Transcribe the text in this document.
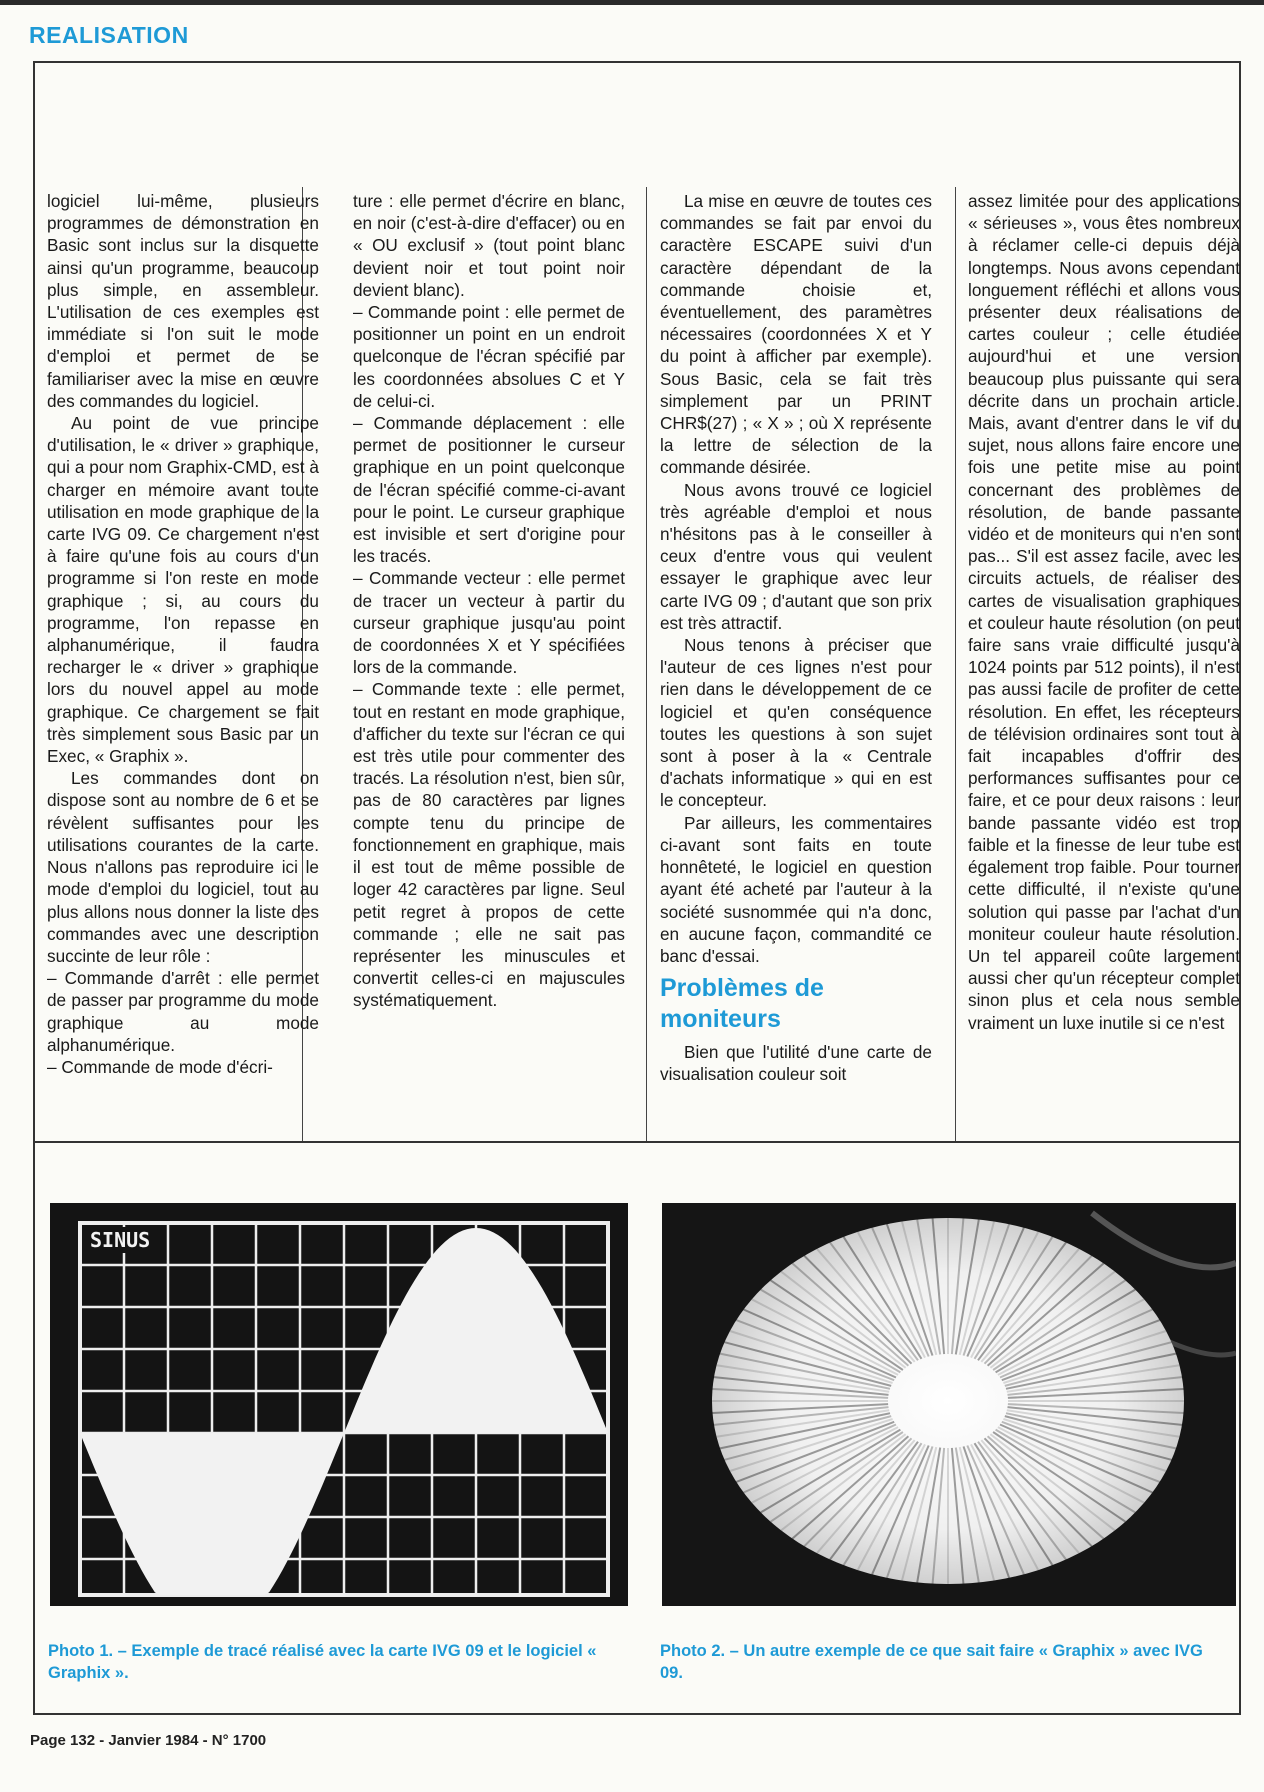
REALISATION

logiciel lui-même, plusieurs programmes de démonstration en Basic sont inclus sur la disquette ainsi qu'un programme, beaucoup plus simple, en assembleur. L'utilisation de ces exemples est immédiate si l'on suit le mode d'emploi et permet de se familiariser avec la mise en œuvre des commandes du logiciel.

Au point de vue principe d'utilisation, le « driver » graphique, qui a pour nom Graphix-CMD, est à charger en mémoire avant toute utilisation en mode graphique de la carte IVG 09. Ce chargement n'est à faire qu'une fois au cours d'un programme si l'on reste en mode graphique ; si, au cours du programme, l'on repasse en alphanumérique, il faudra recharger le « driver » graphique lors du nouvel appel au mode graphique. Ce chargement se fait très simplement sous Basic par un Exec, « Graphix ».

Les commandes dont on dispose sont au nombre de 6 et se révèlent suffisantes pour les utilisations courantes de la carte. Nous n'allons pas reproduire ici le mode d'emploi du logiciel, tout au plus allons nous donner la liste des commandes avec une description succinte de leur rôle :

– Commande d'arrêt : elle permet de passer par programme du mode graphique au mode alphanumérique.

– Commande de mode d'écri-

ture : elle permet d'écrire en blanc, en noir (c'est-à-dire d'effacer) ou en « OU exclusif » (tout point blanc devient noir et tout point noir devient blanc).

– Commande point : elle permet de positionner un point en un endroit quelconque de l'écran spécifié par les coordonnées absolues C et Y de celui-ci.

– Commande déplacement : elle permet de positionner le curseur graphique en un point quelconque de l'écran spécifié comme-ci-avant pour le point. Le curseur graphique est invisible et sert d'origine pour les tracés.

– Commande vecteur : elle permet de tracer un vecteur à partir du curseur graphique jusqu'au point de coordonnées X et Y spécifiées lors de la commande.

– Commande texte : elle permet, tout en restant en mode graphique, d'afficher du texte sur l'écran ce qui est très utile pour commenter des tracés. La résolution n'est, bien sûr, pas de 80 caractères par lignes compte tenu du principe de fonctionnement en graphique, mais il est tout de même possible de loger 42 caractères par ligne. Seul petit regret à propos de cette commande ; elle ne sait pas représenter les minuscules et convertit celles-ci en majuscules systématiquement.

La mise en œuvre de toutes ces commandes se fait par envoi du caractère ESCAPE suivi d'un caractère dépendant de la commande choisie et, éventuellement, des paramètres nécessaires (coordonnées X et Y du point à afficher par exemple). Sous Basic, cela se fait très simplement par un PRINT CHR$(27) ; « X » ; où X représente la lettre de sélection de la commande désirée.

Nous avons trouvé ce logiciel très agréable d'emploi et nous n'hésitons pas à le conseiller à ceux d'entre vous qui veulent essayer le graphique avec leur carte IVG 09 ; d'autant que son prix est très attractif.

Nous tenons à préciser que l'auteur de ces lignes n'est pour rien dans le développement de ce logiciel et qu'en conséquence toutes les questions à son sujet sont à poser à la « Centrale d'achats informatique » qui en est le concepteur.

Par ailleurs, les commentaires ci-avant sont faits en toute honnêteté, le logiciel en question ayant été acheté par l'auteur à la société susnommée qui n'a donc, en aucune façon, commandité ce banc d'essai.

Problèmes de moniteurs

Bien que l'utilité d'une carte de visualisation couleur soit

assez limitée pour des applications « sérieuses », vous êtes nombreux à réclamer celle-ci depuis déjà longtemps. Nous avons cependant longuement réfléchi et allons vous présenter deux réalisations de cartes couleur ; celle étudiée aujourd'hui et une version beaucoup plus puissante qui sera décrite dans un prochain article. Mais, avant d'entrer dans le vif du sujet, nous allons faire encore une fois une petite mise au point concernant des problèmes de résolution, de bande passante vidéo et de moniteurs qui n'en sont pas... S'il est assez facile, avec les circuits actuels, de réaliser des cartes de visualisation graphiques et couleur haute résolution (on peut faire sans vraie difficulté jusqu'à 1024 points par 512 points), il n'est pas aussi facile de profiter de cette résolution. En effet, les récepteurs de télévision ordinaires sont tout à fait incapables d'offrir des performances suffisantes pour ce faire, et ce pour deux raisons : leur bande passante vidéo est trop faible et la finesse de leur tube est également trop faible. Pour tourner cette difficulté, il n'existe qu'une solution qui passe par l'achat d'un moniteur couleur haute résolution. Un tel appareil coûte largement aussi cher qu'un récepteur complet sinon plus et cela nous semble vraiment un luxe inutile si ce n'est

SINUS

Photo 1. – Exemple de tracé réalisé avec la carte IVG 09 et le logiciel « Graphix ».

Photo 2. – Un autre exemple de ce que sait faire « Graphix » avec IVG 09.

Page 132 - Janvier 1984 - N° 1700
